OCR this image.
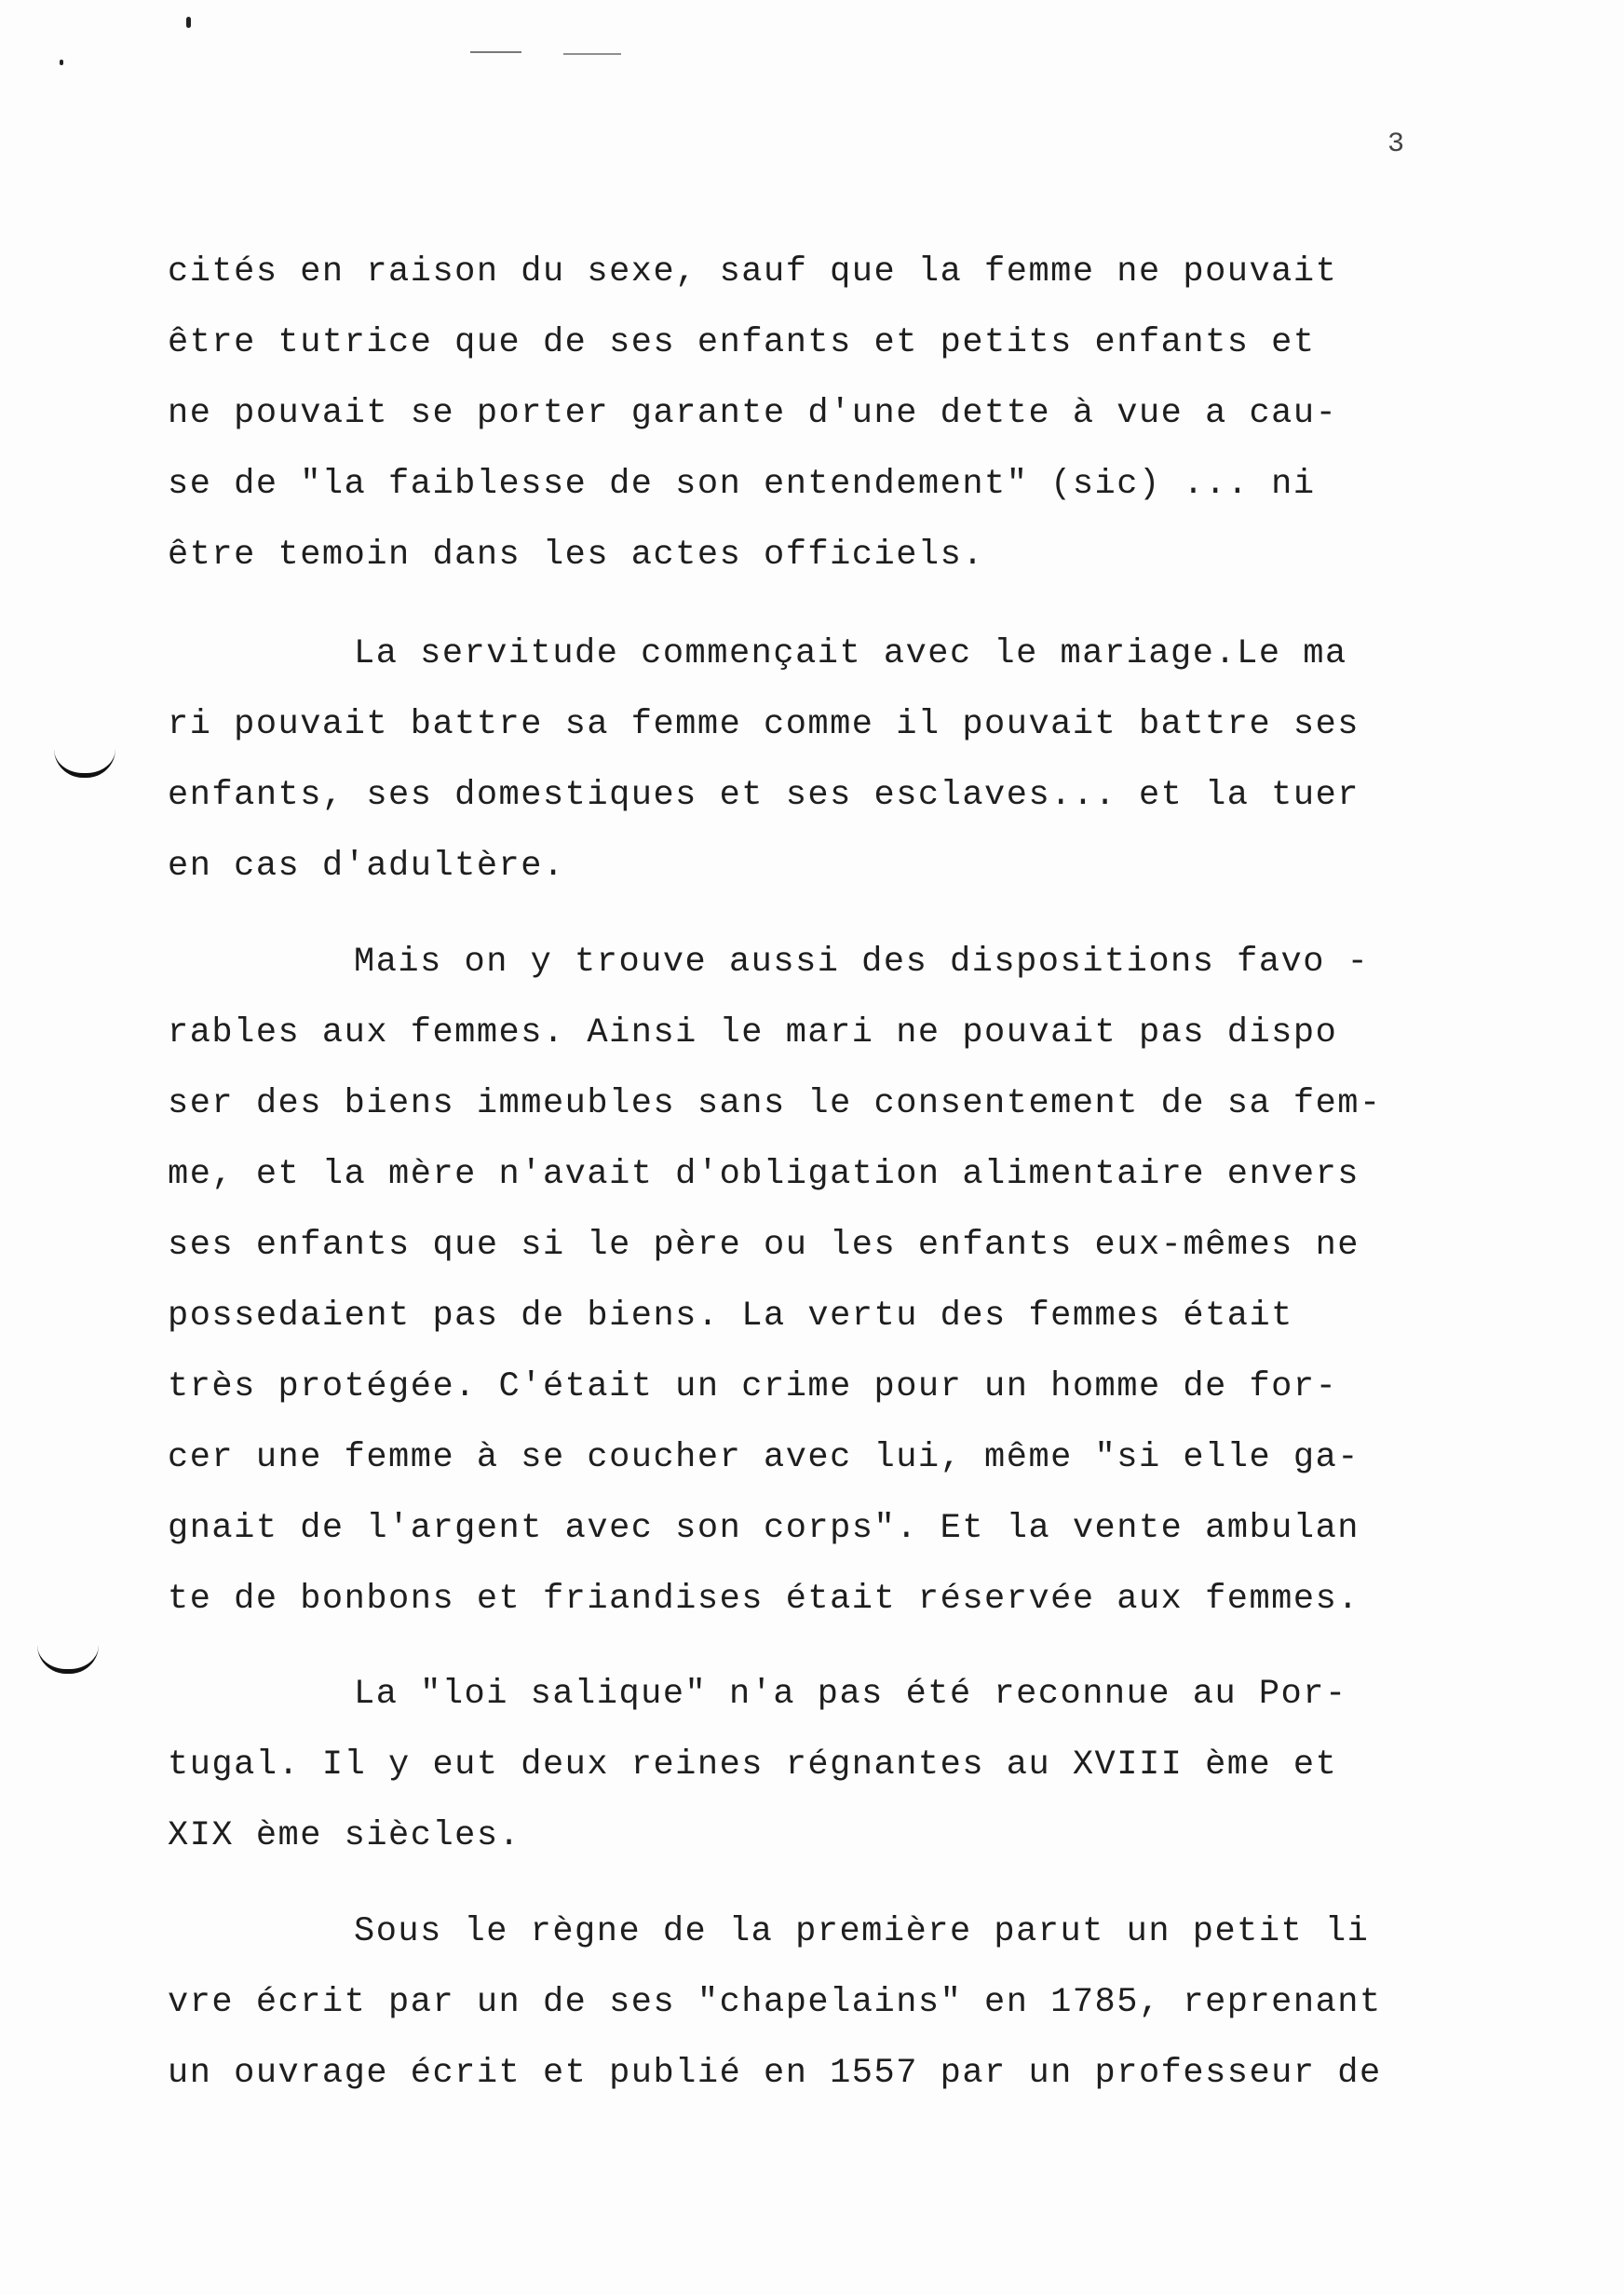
3
cités en raison du sexe, sauf que la femme ne pouvait
être tutrice que de ses enfants et petits enfants et
ne pouvait se porter garante d'une dette à vue a cau-
se de "la faiblesse de son entendement" (sic) ... ni
être temoin dans les actes officiels.
La servitude commençait avec le mariage.Le ma
ri pouvait battre sa femme comme il pouvait battre ses
enfants, ses domestiques et ses esclaves... et la tuer
en cas d'adultère.
Mais on y trouve aussi des dispositions favo -
rables aux femmes. Ainsi le mari ne pouvait pas dispo
ser des biens immeubles sans le consentement de sa fem-
me, et la mère n'avait d'obligation alimentaire envers
ses enfants que si le père ou les enfants eux-mêmes ne
possedaient pas de biens. La vertu des femmes était
très protégée. C'était un crime pour un homme de for-
cer une femme à se coucher avec lui, même "si elle ga-
gnait de l'argent avec son corps". Et la vente ambulan
te de bonbons et friandises était réservée aux femmes.
La "loi salique" n'a pas été reconnue au Por-
tugal. Il y eut deux reines régnantes au XVIII ème et
XIX ème siècles.
Sous le règne de la première parut un petit li
vre écrit par un de ses "chapelains" en 1785, reprenant
un ouvrage écrit et publié en 1557 par un professeur de
